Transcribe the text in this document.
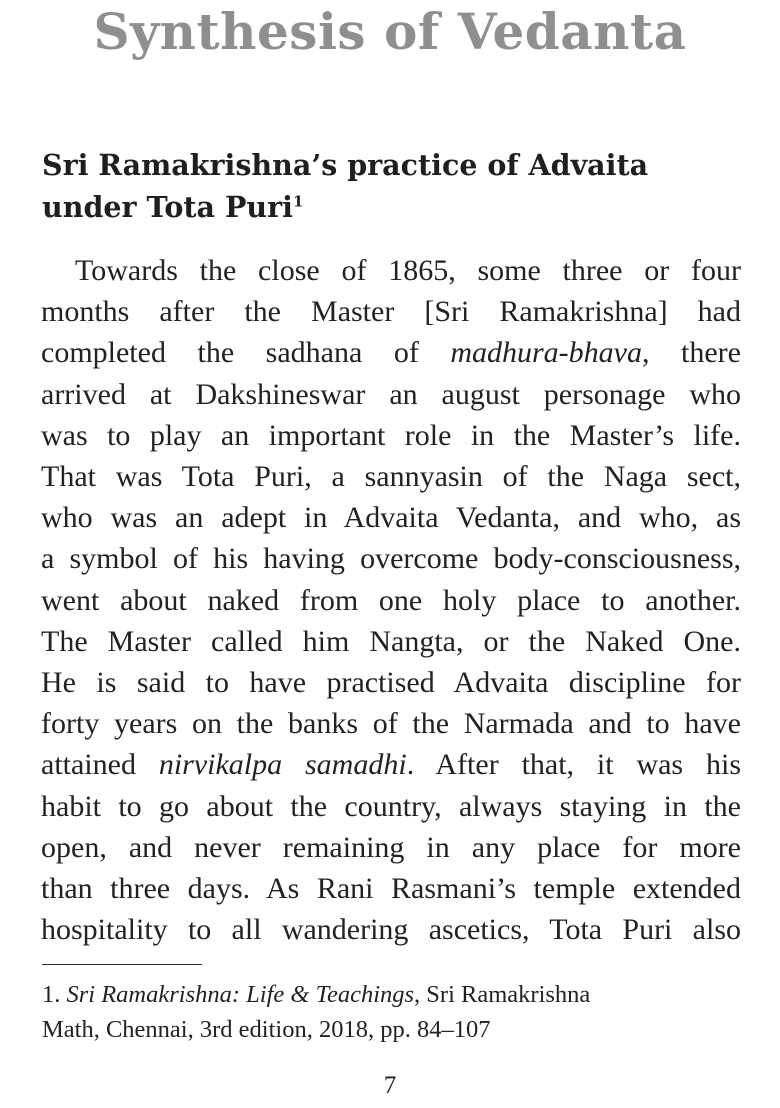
Synthesis of Vedanta
Sri Ramakrishna’s practice of Advaita
under Tota Puri$^1$
Towards the close of 1865, some three or four
months after the Master [Sri Ramakrishna] had
completed the sadhana of madhura-bhava, there
arrived at Dakshineswar an august personage who
was to play an important role in the Master’s life.
That was Tota Puri, a sannyasin of the Naga sect,
who was an adept in Advaita Vedanta, and who, as
a symbol of his having overcome body-consciousness,
went about naked from one holy place to another.
The Master called him Nangta, or the Naked One.
He is said to have practised Advaita discipline for
forty years on the banks of the Narmada and to have
attained nirvikalpa samadhi. After that, it was his
habit to go about the country, always staying in the
open, and never remaining in any place for more
than three days. As Rani Rasmani’s temple extended
hospitality to all wandering ascetics, Tota Puri also
1. Sri Ramakrishna: Life & Teachings, Sri Ramakrishna
Math, Chennai, 3rd edition, 2018, pp. 84–107
7
